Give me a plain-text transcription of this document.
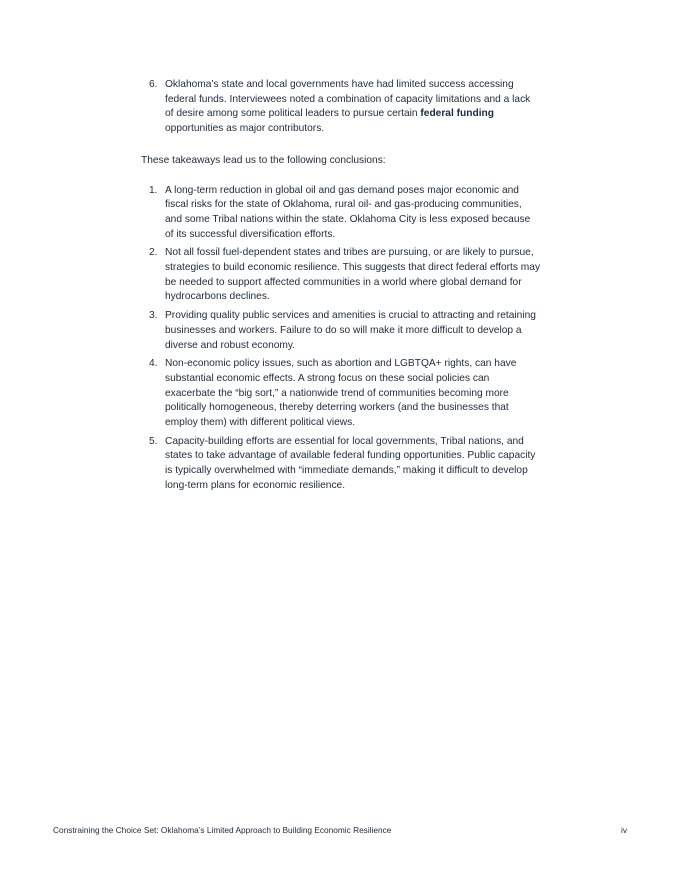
6. Oklahoma’s state and local governments have had limited success accessing federal funds. Interviewees noted a combination of capacity limitations and a lack of desire among some political leaders to pursue certain federal funding opportunities as major contributors.

These takeaways lead us to the following conclusions:

1. A long-term reduction in global oil and gas demand poses major economic and fiscal risks for the state of Oklahoma, rural oil- and gas-producing communities, and some Tribal nations within the state. Oklahoma City is less exposed because of its successful diversification efforts.
2. Not all fossil fuel-dependent states and tribes are pursuing, or are likely to pursue, strategies to build economic resilience. This suggests that direct federal efforts may be needed to support affected communities in a world where global demand for hydrocarbons declines.
3. Providing quality public services and amenities is crucial to attracting and retaining businesses and workers. Failure to do so will make it more difficult to develop a diverse and robust economy.
4. Non-economic policy issues, such as abortion and LGBTQA+ rights, can have substantial economic effects. A strong focus on these social policies can exacerbate the “big sort,” a nationwide trend of communities becoming more politically homogeneous, thereby deterring workers (and the businesses that employ them) with different political views.
5. Capacity-building efforts are essential for local governments, Tribal nations, and states to take advantage of available federal funding opportunities. Public capacity is typically overwhelmed with “immediate demands,” making it difficult to develop long-term plans for economic resilience.
Constraining the Choice Set: Oklahoma’s Limited Approach to Building Economic Resilience	iv
